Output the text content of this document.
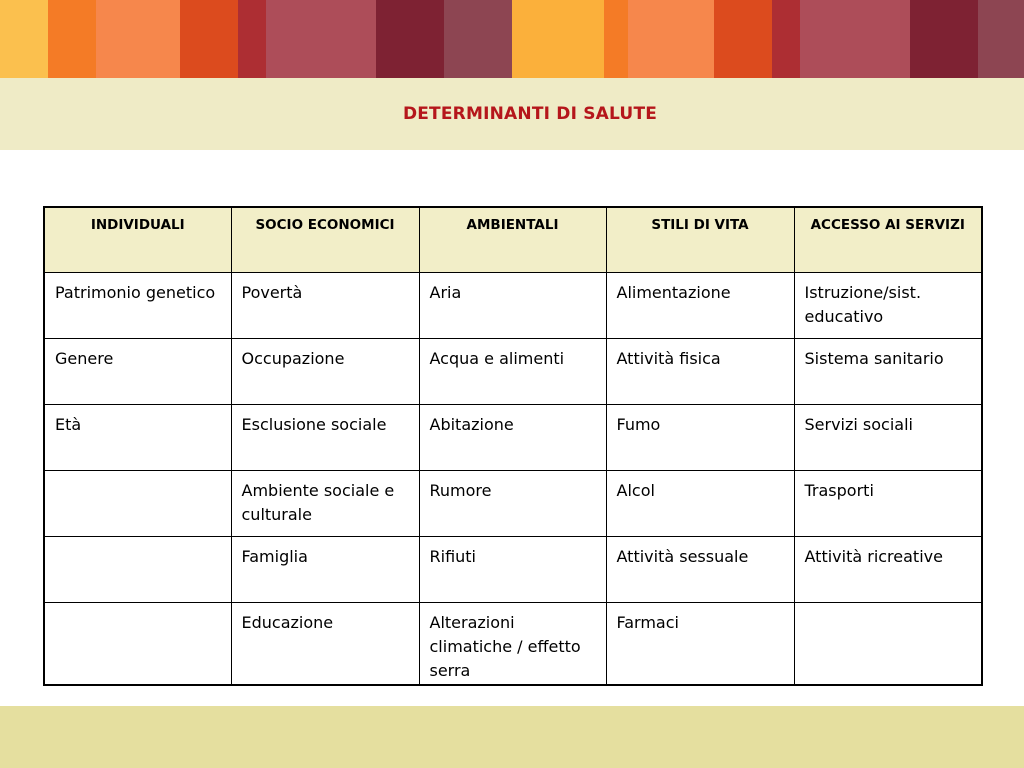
DETERMINANTI DI SALUTE
INDIVIDUALI	SOCIO ECONOMICI	AMBIENTALI	STILI DI VITA	ACCESSO AI SERVIZI
Patrimonio genetico	Povertà	Aria	Alimentazione	Istruzione/sist. educativo
Genere	Occupazione	Acqua e alimenti	Attività fisica	Sistema sanitario
Età	Esclusione sociale	Abitazione	Fumo	Servizi sociali
	Ambiente sociale e culturale	Rumore	Alcol	Trasporti
	Famiglia	Rifiuti	Attività sessuale	Attività ricreative
	Educazione	Alterazioni climatiche / effetto serra	Farmaci	
